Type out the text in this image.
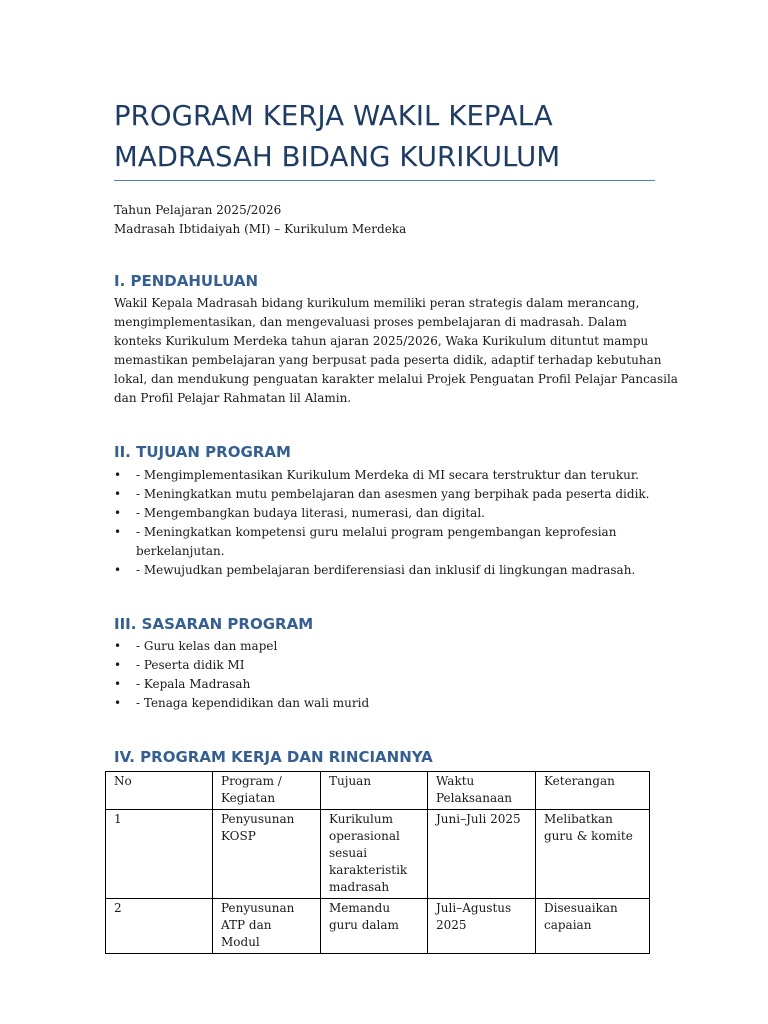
PROGRAM KERJA WAKIL KEPALA
MADRASAH BIDANG KURIKULUM
Tahun Pelajaran 2025/2026
Madrasah Ibtidaiyah (MI) – Kurikulum Merdeka
I. PENDAHULUAN
Wakil Kepala Madrasah bidang kurikulum memiliki peran strategis dalam merancang,
mengimplementasikan, dan mengevaluasi proses pembelajaran di madrasah. Dalam
konteks Kurikulum Merdeka tahun ajaran 2025/2026, Waka Kurikulum dituntut mampu
memastikan pembelajaran yang berpusat pada peserta didik, adaptif terhadap kebutuhan
lokal, dan mendukung penguatan karakter melalui Projek Penguatan Profil Pelajar Pancasila
dan Profil Pelajar Rahmatan lil Alamin.
II. TUJUAN PROGRAM
• - Mengimplementasikan Kurikulum Merdeka di MI secara terstruktur dan terukur.
• - Meningkatkan mutu pembelajaran dan asesmen yang berpihak pada peserta didik.
• - Mengembangkan budaya literasi, numerasi, dan digital.
• - Meningkatkan kompetensi guru melalui program pengembangan keprofesian berkelanjutan.
• - Mewujudkan pembelajaran berdiferensiasi dan inklusif di lingkungan madrasah.
III. SASARAN PROGRAM
• - Guru kelas dan mapel
• - Peserta didik MI
• - Kepala Madrasah
• - Tenaga kependidikan dan wali murid
IV. PROGRAM KERJA DAN RINCIANNYA
No	Program / Kegiatan	Tujuan	Waktu Pelaksanaan	Keterangan

1	Penyusunan KOSP	Kurikulum operasional sesuai karakteristik madrasah	Juni–Juli 2025	Melibatkan guru & komite

2	Penyusunan ATP dan Modul	Memandu guru dalam	Juli–Agustus 2025	Disesuaikan capaian
